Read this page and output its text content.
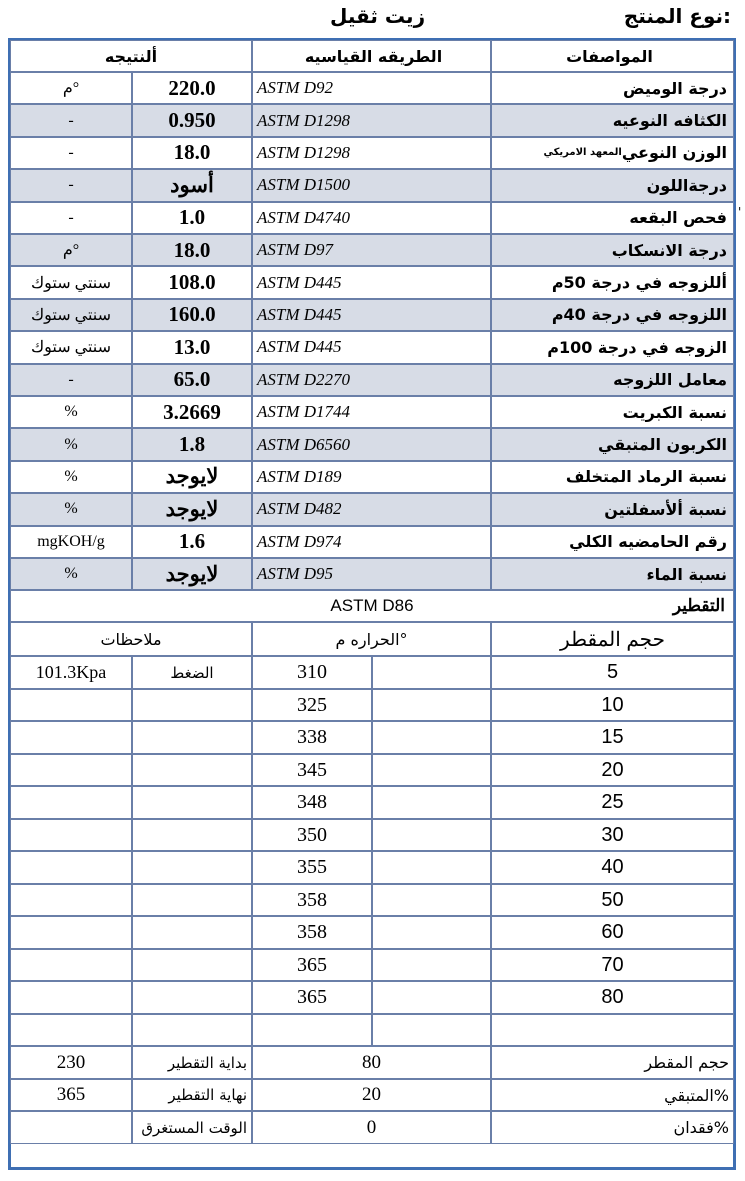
نوع المنتج:
زيت ثقيل
المواصفات
الطريقه القياسيه
ألنتيجه
درجة الوميض
ASTM D92
220.0
م°
الكثافه النوعيه
ASTM D1298
0.950
-
المعهد الامريكي الوزن النوعي
ASTM D1298
18.0
-
درجةاللون
ASTM D1500
أسود
-
فحص البقعه
ASTM D4740
1.0
-
درجة الانسكاب
ASTM D97
18.0
م°
أللزوجه في درجة 50م
ASTM D445
108.0
سنتي ستوك
اللزوجه في درجة 40م
ASTM D445
160.0
سنتي ستوك
الزوجه في درجة 100م
ASTM D445
13.0
سنتي ستوك
معامل اللزوجه
ASTM D2270
65.0
-
نسبة الكبريت
ASTM D1744
3.2669
%
الكربون المتبقي
ASTM D6560
1.8
%
نسبة الرماد المتخلف
ASTM D189
لايوجد
%
نسبة ألأسفلتين
ASTM D482
لايوجد
%
رقم الحامضيه الكلي
ASTM D974
1.6
mgKOH/g
نسبة الماء
ASTM D95
لايوجد
%
ASTM D86	التقطير
حجم المقطر
الحراره م°
ملاحظات
5
310
الضغط
101.3Kpa
10
325
15
338
20
345
25
348
30
350
40
355
50
358
60
358
70
365
80
365
حجم المقطر
80
بداية التقطير
230
المتبقي%
20
نهاية التقطير
365
فقدان%
0
الوقت المستغرق
'
